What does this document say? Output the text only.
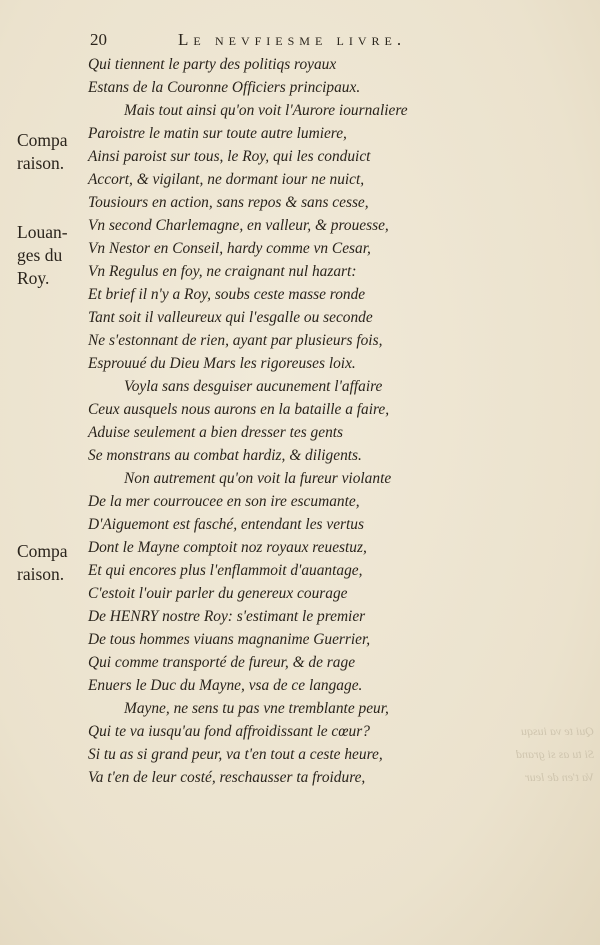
20	Le nevfiesme livre.
Compa
raison.
Louan-
ges du
Roy.
Compa
raison.
Qui tiennent le party des politiqs royaux
Estans de la Couronne Officiers principaux.
Mais tout ainsi qu'on voit l'Aurore iournaliere
Paroistre le matin sur toute autre lumiere,
Ainsi paroist sur tous, le Roy, qui les conduict
Accort, & vigilant, ne dormant iour ne nuict,
Tousiours en action, sans repos & sans cesse,
Vn second Charlemagne, en valleur, & prouesse,
Vn Nestor en Conseil, hardy comme vn Cesar,
Vn Regulus en foy, ne craignant nul hazart:
Et brief il n'y a Roy, soubs ceste masse ronde
Tant soit il valleureux qui l'esgalle ou seconde
Ne s'estonnant de rien, ayant par plusieurs fois,
Esprouué du Dieu Mars les rigoreuses loix.
Voyla sans desguiser aucunement l'affaire
Ceux ausquels nous aurons en la bataille a faire,
Aduise seulement a bien dresser tes gents
Se monstrans au combat hardiz, & diligents.
Non autrement qu'on voit la fureur violante
De la mer courroucee en son ire escumante,
D'Aiguemont est fasché, entendant les vertus
Dont le Mayne comptoit noz royaux reuestuz,
Et qui encores plus l'enflammoit d'auantage,
C'estoit l'ouir parler du genereux courage
De HENRY nostre Roy: s'estimant le premier
De tous hommes viuans magnanime Guerrier,
Qui comme transporté de fureur, & de rage
Enuers le Duc du Mayne, vsa de ce langage.
Mayne, ne sens tu pas vne tremblante peur,
Qui te va iusqu'au fond affroidissant le cœur?
Si tu as si grand peur, va t'en tout a ceste heure,
Va t'en de leur costé, reschausser ta froidure,
Qui te va iusqu
Si tu as si grand
Va t'en de leur
